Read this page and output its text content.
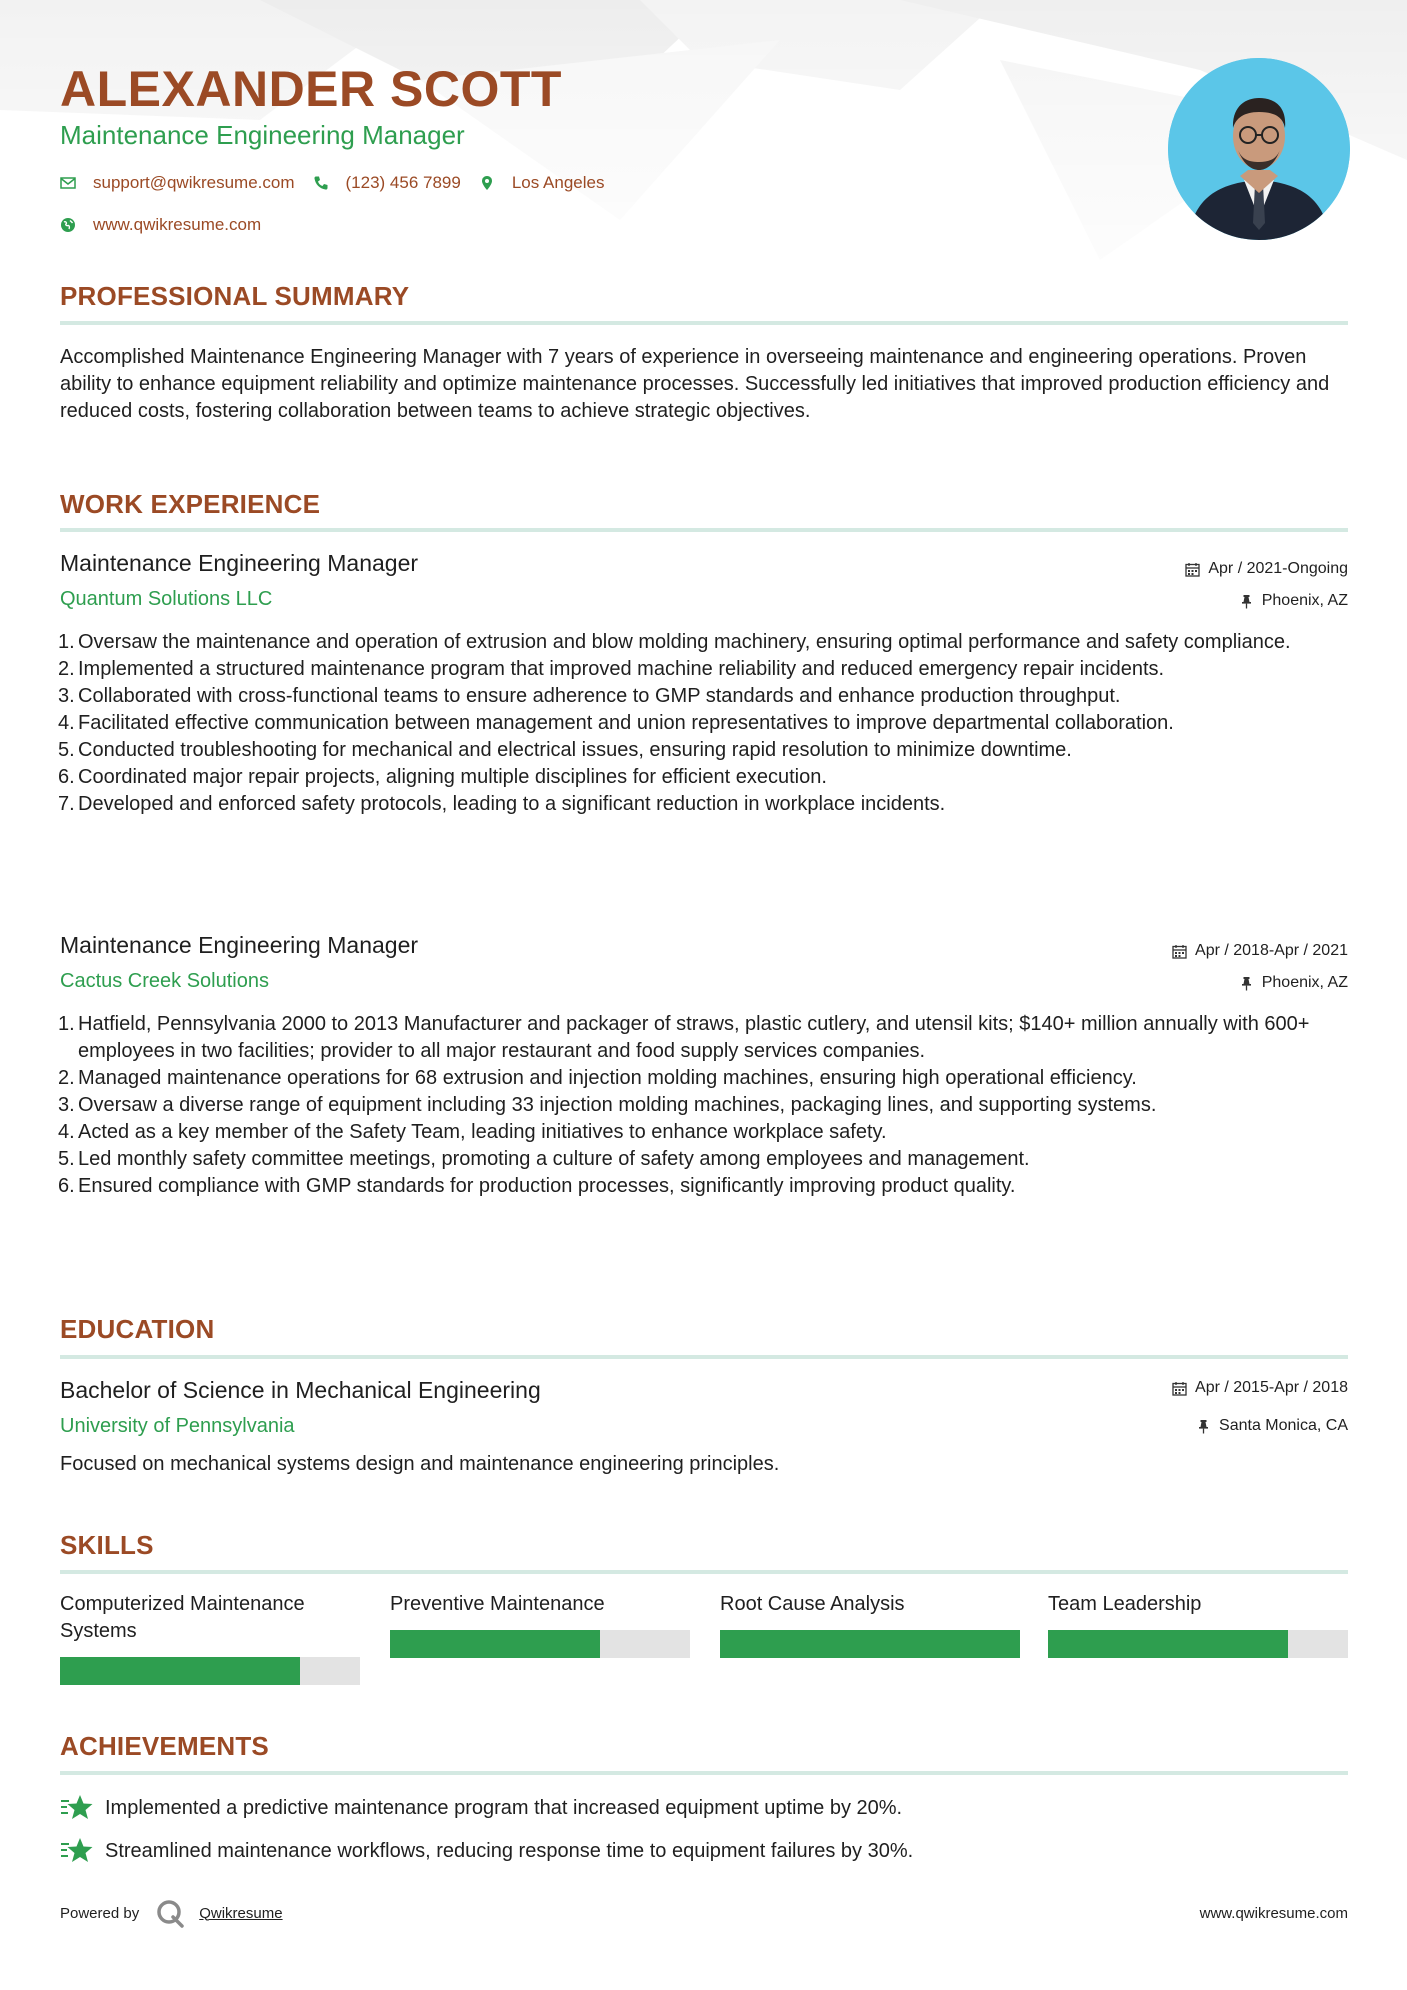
ALEXANDER SCOTT
Maintenance Engineering Manager
support@qwikresume.com	(123) 456 7899	Los Angeles
www.qwikresume.com
PROFESSIONAL SUMMARY

Accomplished Maintenance Engineering Manager with 7 years of experience in overseeing maintenance and engineering operations. Proven ability to enhance equipment reliability and optimize maintenance processes. Successfully led initiatives that improved production efficiency and reduced costs, fostering collaboration between teams to achieve strategic objectives.

WORK EXPERIENCE
Maintenance Engineering Manager	Apr / 2021-Ongoing
Quantum Solutions LLC	Phoenix, AZ
1. Oversaw the maintenance and operation of extrusion and blow molding machinery, ensuring optimal performance and safety compliance.
2. Implemented a structured maintenance program that improved machine reliability and reduced emergency repair incidents.
3. Collaborated with cross-functional teams to ensure adherence to GMP standards and enhance production throughput.
4. Facilitated effective communication between management and union representatives to improve departmental collaboration.
5. Conducted troubleshooting for mechanical and electrical issues, ensuring rapid resolution to minimize downtime.
6. Coordinated major repair projects, aligning multiple disciplines for efficient execution.
7. Developed and enforced safety protocols, leading to a significant reduction in workplace incidents.
Maintenance Engineering Manager	Apr / 2018-Apr / 2021
Cactus Creek Solutions	Phoenix, AZ
1. Hatfield, Pennsylvania 2000 to 2013 Manufacturer and packager of straws, plastic cutlery, and utensil kits; $140+ million annually with 600+ employees in two facilities; provider to all major restaurant and food supply services companies.
2. Managed maintenance operations for 68 extrusion and injection molding machines, ensuring high operational efficiency.
3. Oversaw a diverse range of equipment including 33 injection molding machines, packaging lines, and supporting systems.
4. Acted as a key member of the Safety Team, leading initiatives to enhance workplace safety.
5. Led monthly safety committee meetings, promoting a culture of safety among employees and management.
6. Ensured compliance with GMP standards for production processes, significantly improving product quality.
EDUCATION
Bachelor of Science in Mechanical Engineering	Apr / 2015-Apr / 2018
University of Pennsylvania	Santa Monica, CA

Focused on mechanical systems design and maintenance engineering principles.

SKILLS
Computerized Maintenance Systems
Preventive Maintenance	Root Cause Analysis	Team Leadership
ACHIEVEMENTS
Implemented a predictive maintenance program that increased equipment uptime by 20%.
Streamlined maintenance workflows, reducing response time to equipment failures by 30%.
Powered by	Qwikresume	www.qwikresume.com
